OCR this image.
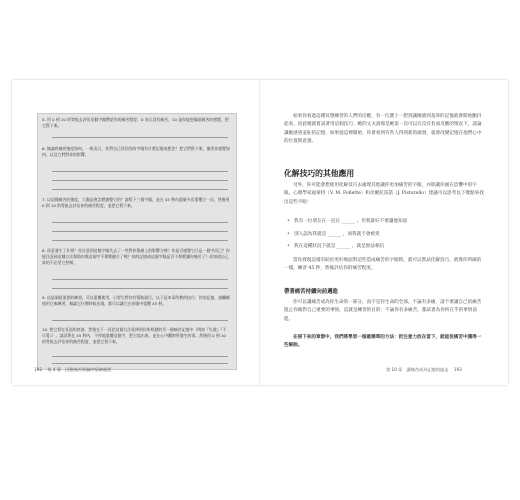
5. 用 0 到 10 的等級去評估這個字眼帶給你的痛苦程度：0 表示沒有痛苦，10 是你能想像最痛苦的感覺，把它寫下來。
6. 無論疼痛的強度如何，一般而言，你對自己所回答的字眼有什麼記憶或想法？把它們寫下來，描述你感覺如何，以及它們對你的影響。
7. 以這種痛苦的強度，大腦是會怎麼調整它的？請寫下三個字眼，並在 45 秒內盡量多次重覆它一次，然後用 0 到 10 的等級去評估你的痛苦程度，並把它寫下來。
8. 留意發生了什麼？你注意到這個字眼失去了一些對你情緒上的影響力嗎？你是否感覺它只是一個字而已？你能注意到這種方法幫助你與這個字不那麼融合了嗎？你的記憶或這個字眼是否不那麼讓你痛苦了？你知道自己真的不必受它控制。
9. 這是個很重要的練習，可以重覆使用，只要它對你有幫助就行。以下是本章所教的技巧：你的記憶，請繼續使用它來練習，無論它什麼時候出現，都可以讓它在你腦中重覆 45 秒。
10. 把它寫在頁面的底部，然後在下一頁把這個方法延伸到你所經歷的另一個痛苦記憶中（例如『失敗』『不可愛』）。請試著在 45 秒內，不停地重覆這個字，把它唸出來，並在心中觀察所發生的事。然後用 0 到 10 的等級去評估你的痛苦程度，並把它寫下來。
192 第 4 篇　因應痛苦經驗的情緒處理

如果你看過這種冥想練習的人們的反應，有一位護士一想到讓她感到羞辱的記憶就會開始顫抖起來，因此她就嘗試著用這個技巧；她的丈夫說那是她第一次可以在沒有負面反應的情況下，談論讓她感到羞恥的記憶，如果從這裡開始，你會看到有些人得到新的啟發，就會改變記憶在他們心中的位置與意義。

化解技巧的其他應用

另外，你可能會想使用化解技巧去處理其他讓你更加痛苦的字眼，亦即讓你處在恐懼中的字眼。心理學家福萊特（V. M. Follette）和皮爾托雷諾（J. Pistorello）建議可以思考以下幾點來找出這些字眼：

• 我有一位朋友在一直在 ______ 。但我最好不要讓他知道
• 別人認為我就是 ______ ，而我就不會被愛
• 我在這種狀況下就是 ______ ，就是無法相信

當你發現這樣有助於更好地面對這些造成痛苦的字眼時，就可以嘗試化解技巧，就像你所做的一樣，練習 45 秒，然後評估你的痛苦程度。

帶著痛苦持續向前邁進

你可以讓痛苦成為你生命的一部分，而不是你生命的全部。不論有多痛，請不要讓自己的痛苦阻止你做對自己重要的事情。這就是練習的目的：不論你有多痛苦，都試著為你所在乎的事情前進。

在接下來的章節中，我們將學習一個最簡單的方法：把注意力放在當下，就能從痛苦中獲得一些解脫。

第 10 章　讓痛苦成為記憶的過去 193
